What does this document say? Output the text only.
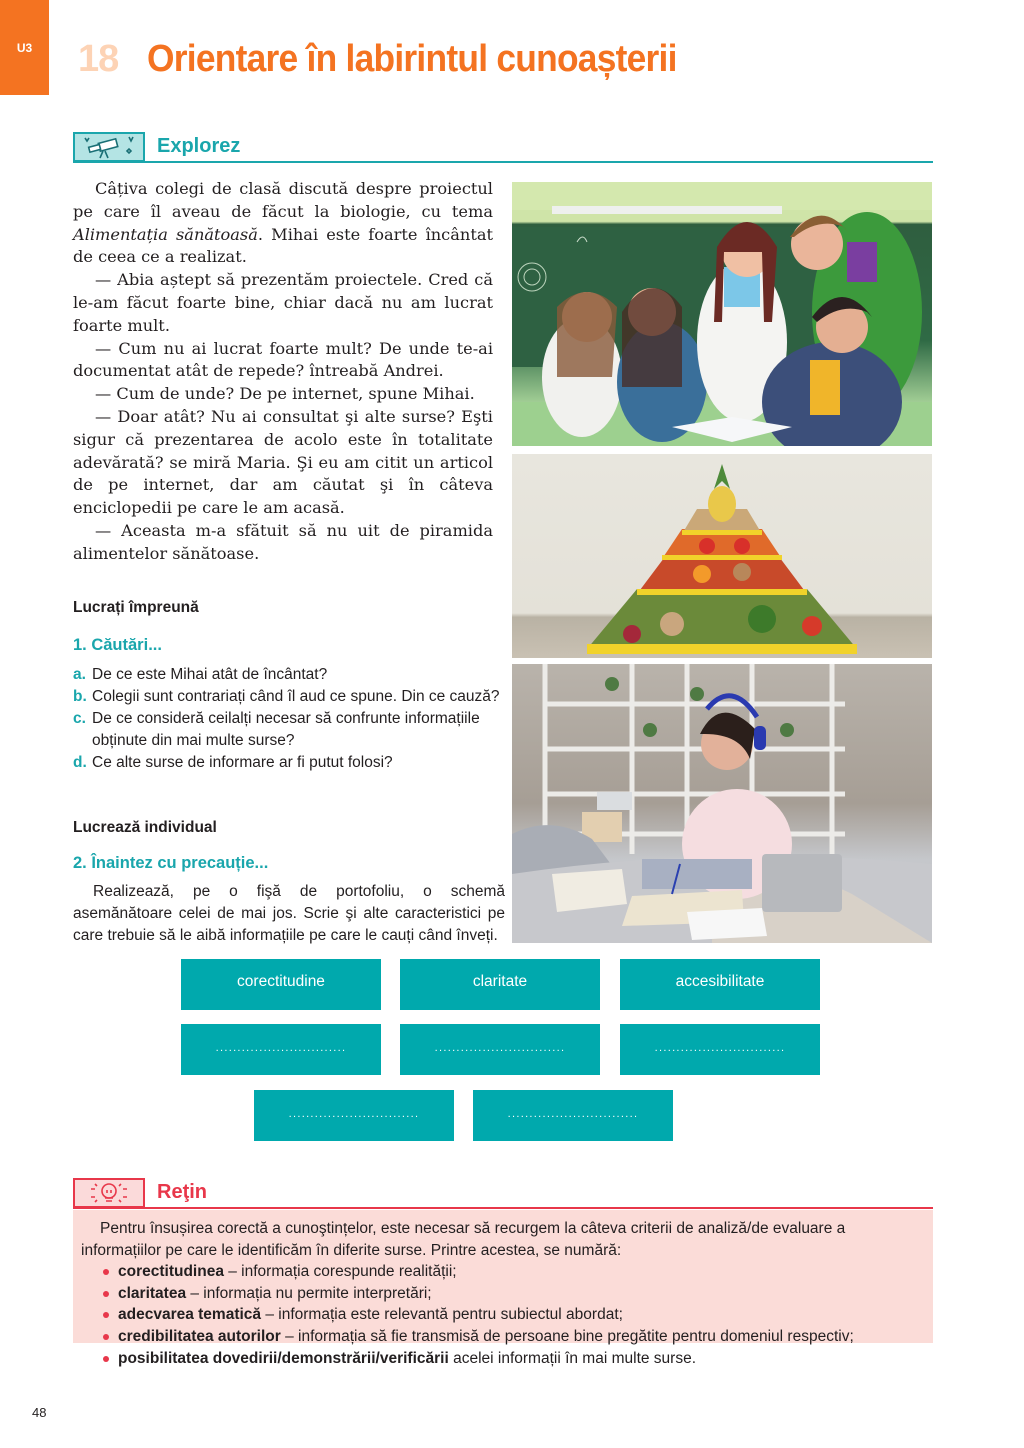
U3 18 Orientare în labirintul cunoașterii
Explorez

Câțiva colegi de clasă discută despre proiectul pe care îl aveau de făcut la biologie, cu tema Alimentația sănătoasă. Mihai este foarte încântat de ceea ce a realizat.

— Abia aștept să prezentăm proiectele. Cred că le-am făcut foarte bine, chiar dacă nu am lucrat foarte mult.

— Cum nu ai lucrat foarte mult? De unde te-ai documentat atât de repede? întreabă Andrei.

— Cum de unde? De pe internet, spune Mihai.

— Doar atât? Nu ai consultat şi alte surse? Eşti sigur că prezentarea de acolo este în totalitate adevărată? se miră Maria. Şi eu am citit un articol de pe internet, dar am căutat şi în câteva enciclopedii pe care le am acasă.

— Aceasta m-a sfătuit să nu uit de piramida alimentelor sănătoase.

Lucrați împreună
1. Căutări...
a. De ce este Mihai atât de încântat?
b. Colegii sunt contrariați când îl aud ce spune. Din ce cauză?
c. De ce consideră ceilalți necesar să confrunte informațiile obținute din mai multe surse?
d. Ce alte surse de informare ar fi putut folosi?
Lucrează individual
2. Înaintez cu precauție...

Realizează, pe o fişă de portofoliu, o schemă asemănătoare celei de mai jos. Scrie şi alte caracteristici pe care trebuie să le aibă informațiile pe care le cauți când înveți.

corectitudine	claritate	accesibilitate
..............................	..............................	..............................
..............................	..............................
Reţin

Pentru însușirea corectă a cunoştințelor, este necesar să recurgem la câteva criterii de analiză/de evaluare a informațiilor pe care le identificăm în diferite surse. Printre acestea, se numără:

corectitudinea – informația corespunde realității;
claritatea – informația nu permite interpretări;
adecvarea tematică – informația este relevantă pentru subiectul abordat;
credibilitatea autorilor – informația să fie transmisă de persoane bine pregătite pentru domeniul respectiv;
posibilitatea dovedirii/demonstrării/verificării acelei informații în mai multe surse.
48
